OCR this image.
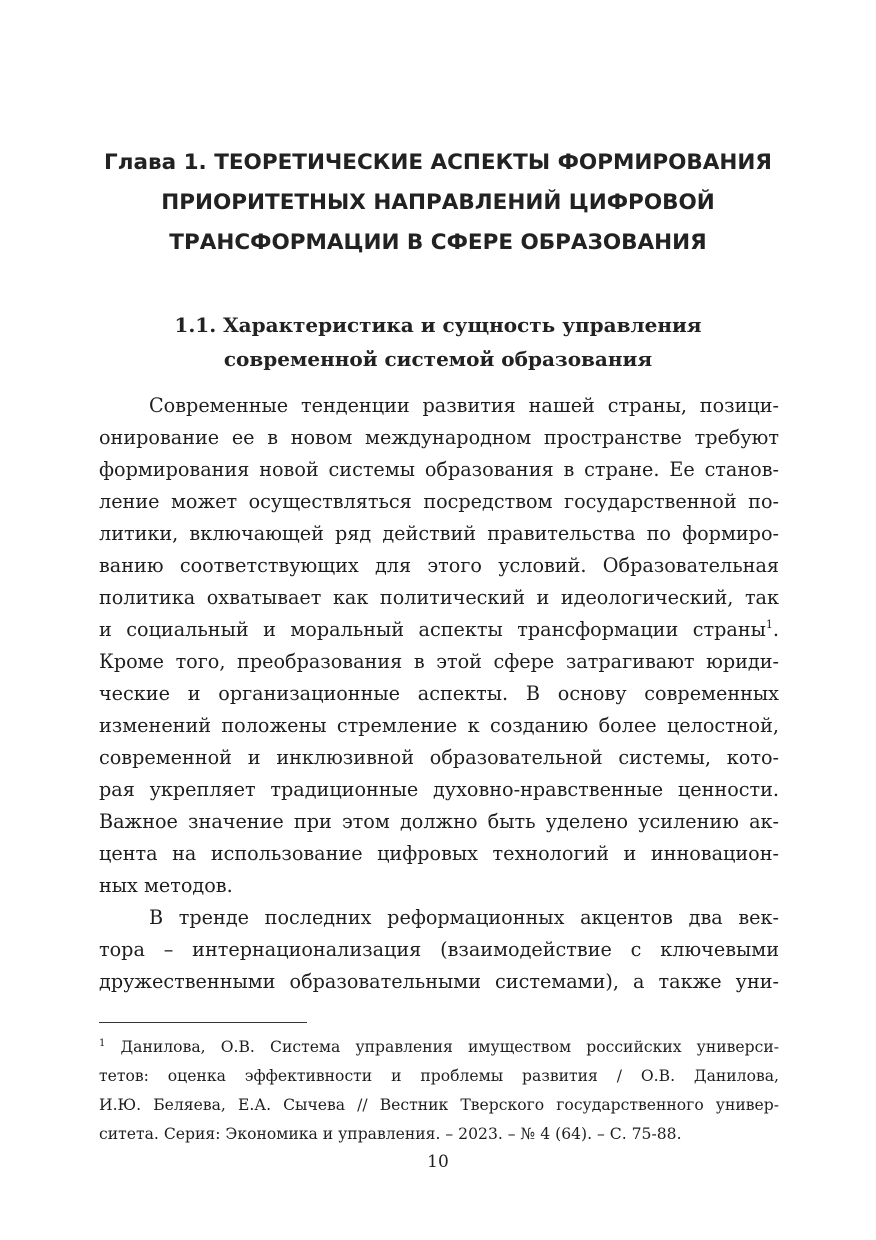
Глава 1. ТЕОРЕТИЧЕСКИЕ АСПЕКТЫ ФОРМИРОВАНИЯ
ПРИОРИТЕТНЫХ НАПРАВЛЕНИЙ ЦИФРОВОЙ
ТРАНСФОРМАЦИИ В СФЕРЕ ОБРАЗОВАНИЯ
1.1. Характеристика и сущность управления
современной системой образования
Современные тенденции развития нашей страны, позици-
онирование ее в новом международном пространстве требуют
формирования новой системы образования в стране. Ее станов-
ление может осуществляться посредством государственной по-
литики, включающей ряд действий правительства по формиро-
ванию соответствующих для этого условий. Образовательная
политика охватывает как политический и идеологический, так
и социальный и моральный аспекты трансформации страны$^1$.
Кроме того, преобразования в этой сфере затрагивают юриди-
ческие и организационные аспекты. В основу современных
изменений положены стремление к созданию более целостной,
современной и инклюзивной образовательной системы, кото-
рая укрепляет традиционные духовно-нравственные ценности.
Важное значение при этом должно быть уделено усилению ак-
цента на использование цифровых технологий и инновацион-
ных методов.
В тренде последних реформационных акцентов два век-
тора – интернационализация (взаимодействие с ключевыми
дружественными образовательными системами), а также уни-
$^1$ Данилова, О.В. Система управления имуществом российских универси-
тетов: оценка эффективности и проблемы развития / О.В. Данилова,
И.Ю. Беляева, Е.А. Сычева // Вестник Тверского государственного универ-
ситета. Серия: Экономика и управления. – 2023. – № 4 (64). – С. 75-88.
10
